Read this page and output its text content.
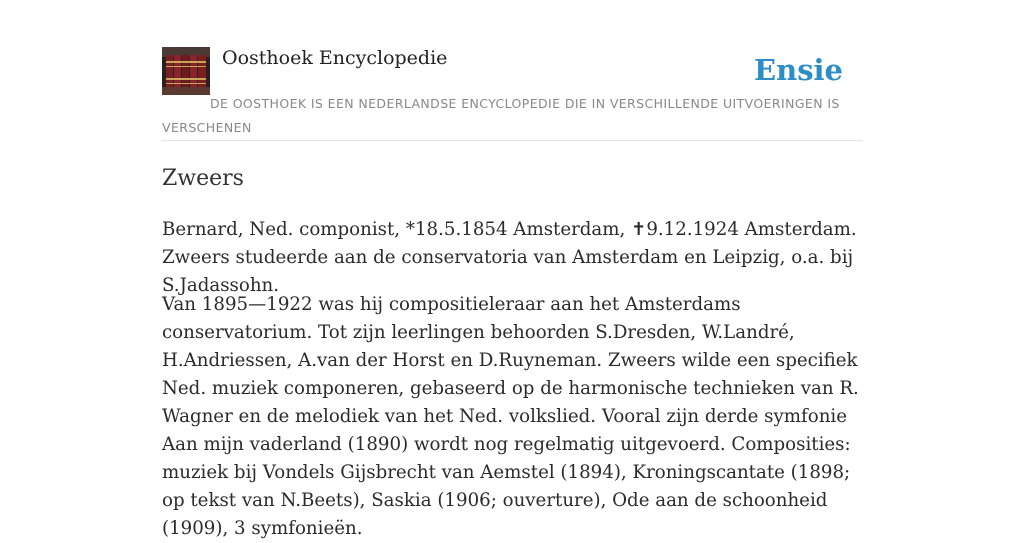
Oosthoek Encyclopedie	Ensie
DE OOSTHOEK IS EEN NEDERLANDSE ENCYCLOPEDIE DIE IN VERSCHILLENDE UITVOERINGEN IS VERSCHENEN
Zweers

Bernard, Ned. componist, *18.5.1854 Amsterdam, ✝9.12.1924 Amsterdam. Zweers studeerde aan de conservatoria van Amsterdam en Leipzig, o.a. bij S.Jadassohn.

Van 1895—1922 was hij compositieleraar aan het Amsterdams conservatorium. Tot zijn leerlingen behoorden S.Dresden, W.Landré, H.Andriessen, A.van der Horst en D.Ruyneman. Zweers wilde een specifiek Ned. muziek componeren, gebaseerd op de harmonische technieken van R. Wagner en de melodiek van het Ned. volkslied. Vooral zijn derde symfonie Aan mijn vaderland (1890) wordt nog regelmatig uitgevoerd. Composities: muziek bij Vondels Gijsbrecht van Aemstel (1894), Kroningscantate (1898; op tekst van N.Beets), Saskia (1906; ouverture), Ode aan de schoonheid (1909), 3 symfonieën.
